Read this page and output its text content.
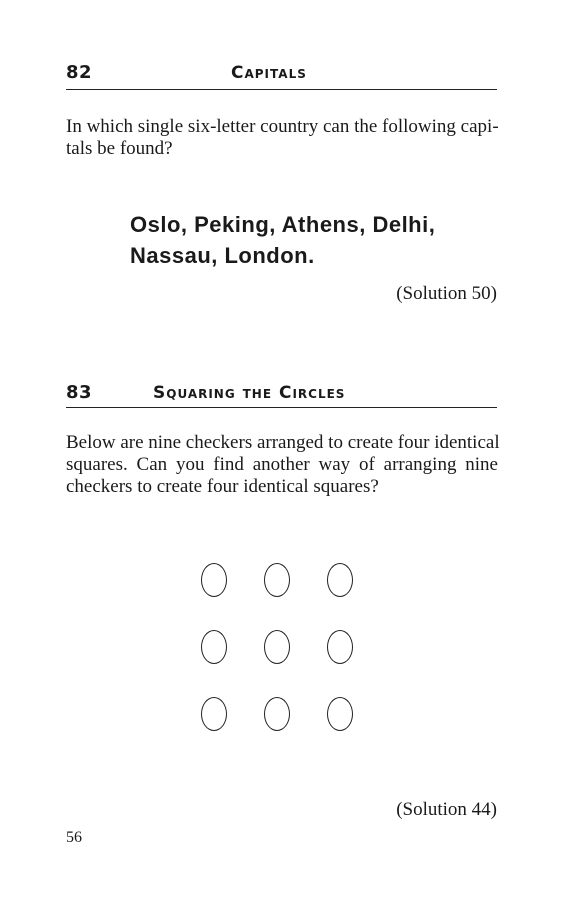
82	Capitals
In which single six-letter country can the following capi-
tals be found?
Oslo, Peking, Athens, Delhi,
Nassau, London.
(Solution 50)
83	Squaring the Circles
Below are nine checkers arranged to create four identical
squares. Can you find another way of arranging nine
checkers to create four identical squares?
(Solution 44)
56
